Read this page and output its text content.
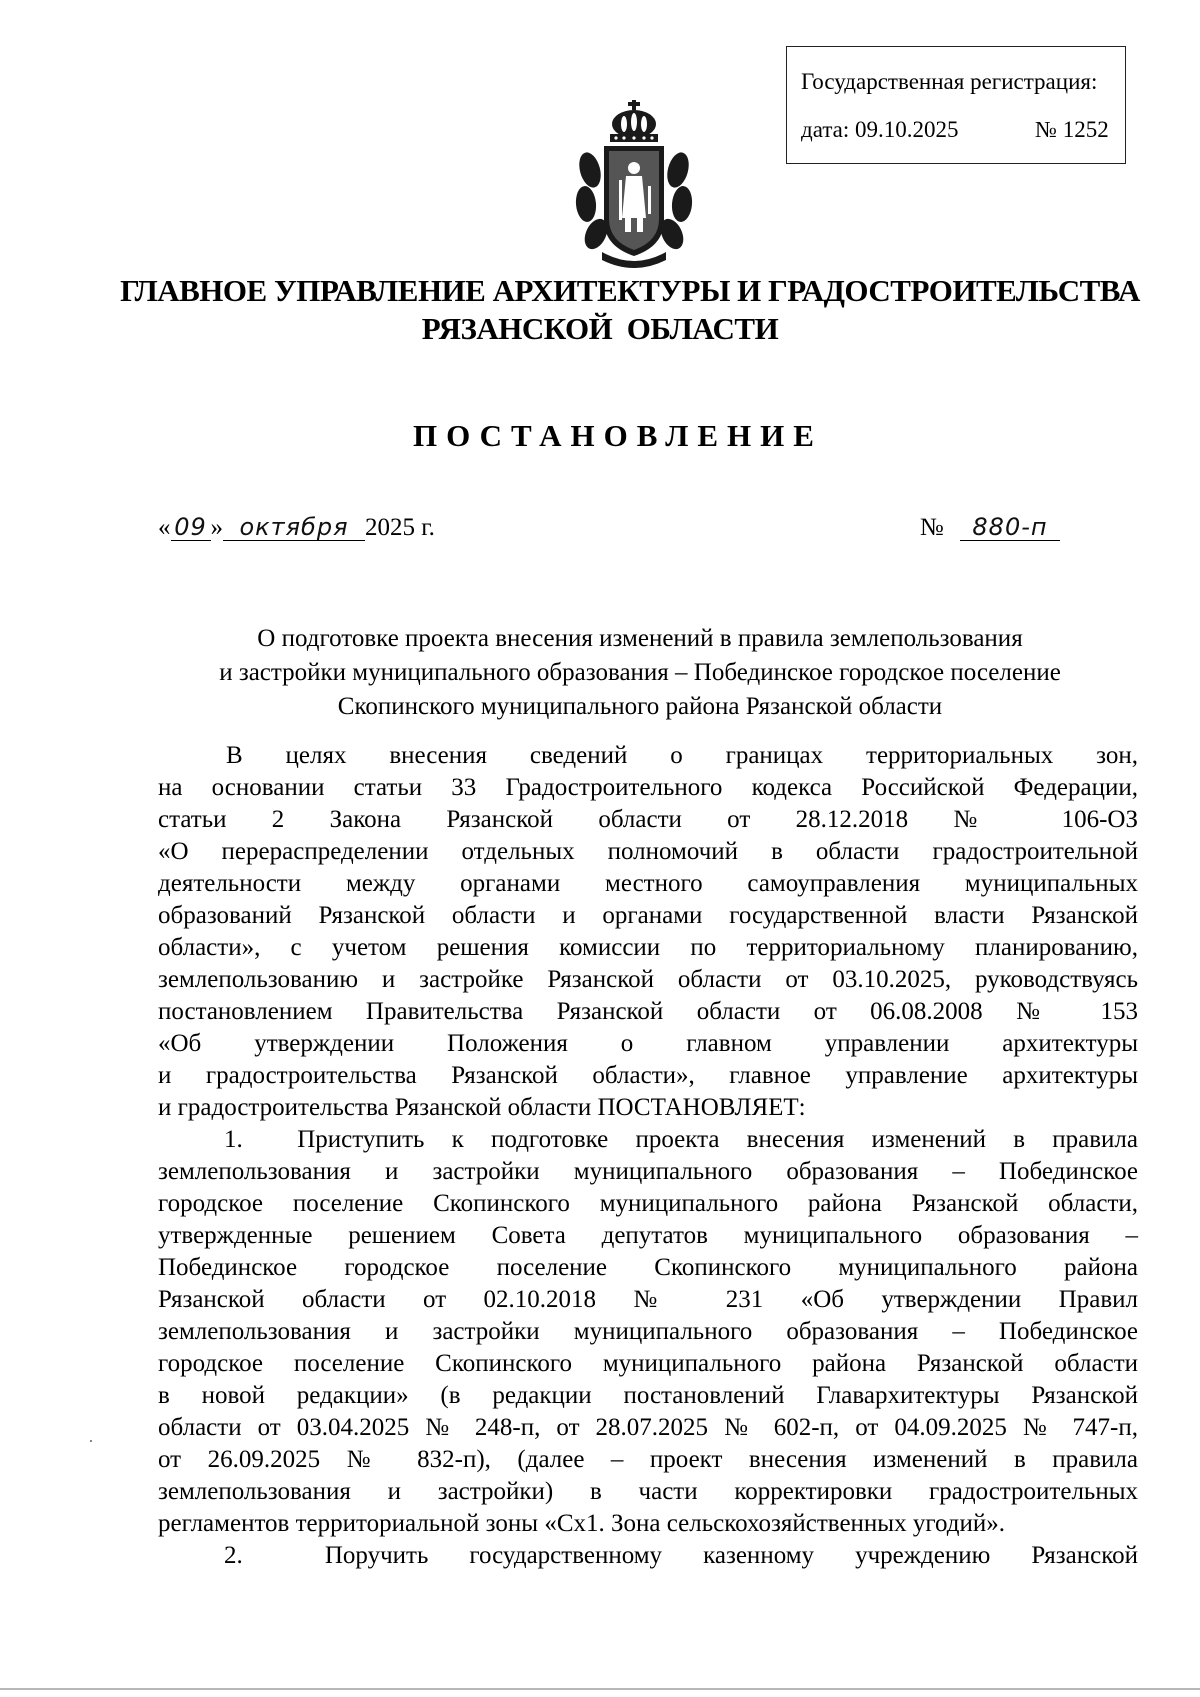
Государственная регистрация:
дата: 09.10.2025	№ 1252
ГЛАВНОЕ УПРАВЛЕНИЕ АРХИТЕКТУРЫ И ГРАДОСТРОИТЕЛЬСТВА
РЯЗАНСКОЙ  ОБЛАСТИ
ПОСТАНОВЛЕНИЕ
« 09 » октября 2025 г.	№ 880-п
О подготовке проекта внесения изменений в правила землепользования
и застройки муниципального образования – Побединское городское поселение
Скопинского муниципального района Рязанской области
В целях внесения сведений о границах территориальных зон,
на основании статьи 33 Градостроительного кодекса Российской Федерации,
статьи 2 Закона Рязанской области от 28.12.2018 № 106-ОЗ
«О перераспределении отдельных полномочий в области градостроительной
деятельности между органами местного самоуправления муниципальных
образований Рязанской области и органами государственной власти Рязанской
области», с учетом решения комиссии по территориальному планированию,
землепользованию и застройке Рязанской области от 03.10.2025, руководствуясь
постановлением Правительства Рязанской области от 06.08.2008 № 153
«Об утверждении Положения о главном управлении архитектуры
и градостроительства Рязанской области», главное управление архитектуры
и градостроительства Рязанской области ПОСТАНОВЛЯЕТ:
1.  Приступить к подготовке проекта внесения изменений в правила
землепользования и застройки муниципального образования – Побединское
городское поселение Скопинского муниципального района Рязанской области,
утвержденные решением Совета депутатов муниципального образования –
Побединское городское поселение Скопинского муниципального района
Рязанской области от 02.10.2018 № 231 «Об утверждении Правил
землепользования и застройки муниципального образования – Побединское
городское поселение Скопинского муниципального района Рязанской области
в новой редакции» (в редакции постановлений Главархитектуры Рязанской
области от 03.04.2025 № 248-п, от 28.07.2025 № 602-п, от 04.09.2025 № 747-п,
от 26.09.2025 № 832-п), (далее – проект внесения изменений в правила
землепользования и застройки) в части корректировки градостроительных
регламентов территориальной зоны «Сх1. Зона сельскохозяйственных угодий».
2.  Поручить государственному казенному учреждению Рязанской
